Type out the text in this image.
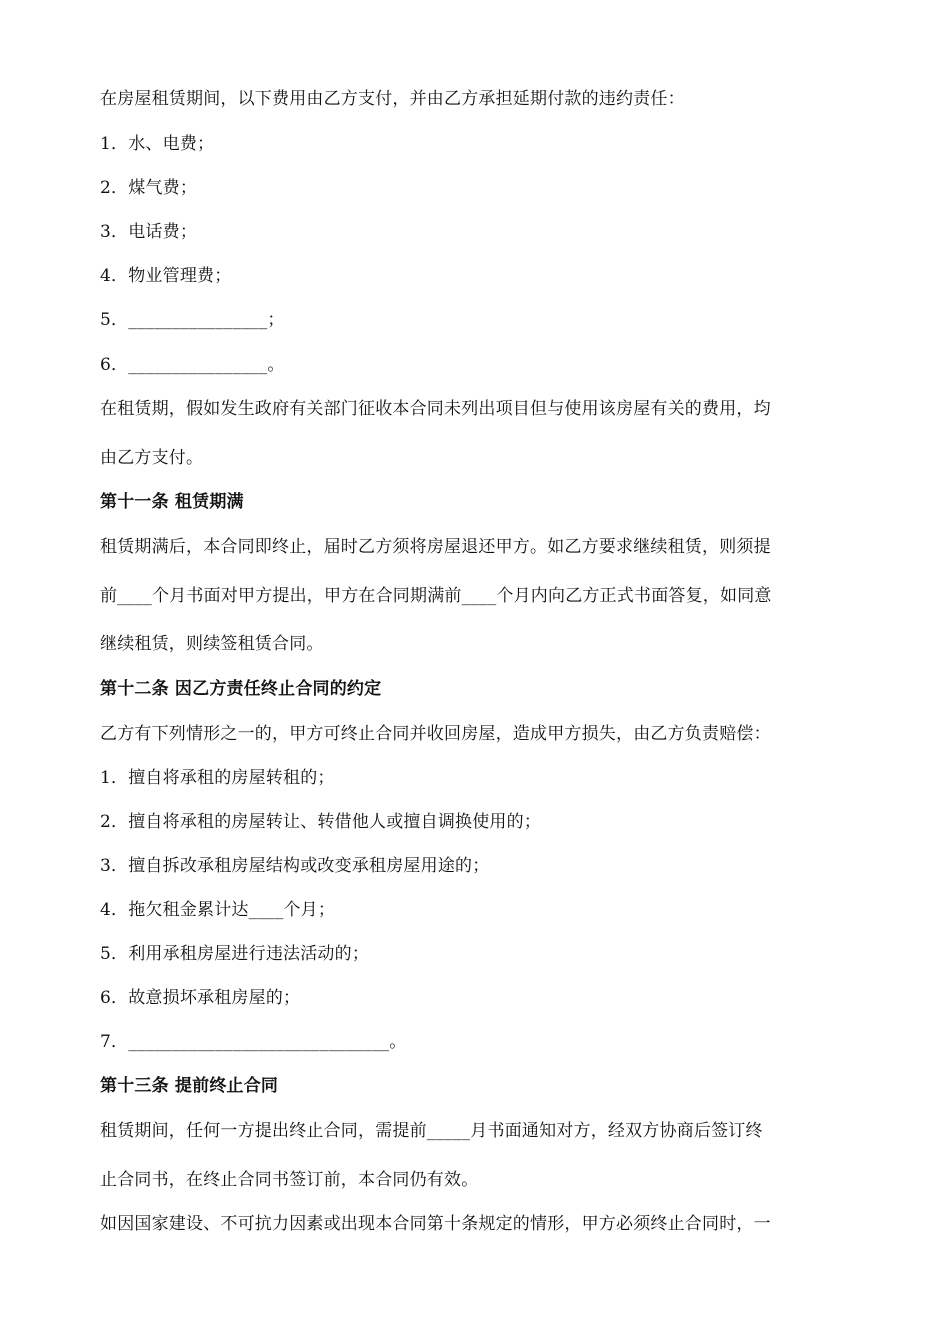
在房屋租赁期间，以下费用由乙方支付，并由乙方承担延期付款的违约责任：
1．水、电费；
2．煤气费；
3．电话费；
4．物业管理费；
5．________________；
6．________________。
在租赁期，假如发生政府有关部门征收本合同未列出项目但与使用该房屋有关的费用，均
由乙方支付。
第十一条 租赁期满
租赁期满后，本合同即终止，届时乙方须将房屋退还甲方。如乙方要求继续租赁，则须提
前____个月书面对甲方提出，甲方在合同期满前____个月内向乙方正式书面答复，如同意
继续租赁，则续签租赁合同。
第十二条 因乙方责任终止合同的约定
乙方有下列情形之一的，甲方可终止合同并收回房屋，造成甲方损失，由乙方负责赔偿：
1．擅自将承租的房屋转租的；
2．擅自将承租的房屋转让、转借他人或擅自调换使用的；
3．擅自拆改承租房屋结构或改变承租房屋用途的；
4．拖欠租金累计达____个月；
5．利用承租房屋进行违法活动的；
6．故意损坏承租房屋的；
7．______________________________。
第十三条 提前终止合同
租赁期间，任何一方提出终止合同，需提前_____月书面通知对方，经双方协商后签订终
止合同书，在终止合同书签订前，本合同仍有效。
如因国家建设、不可抗力因素或出现本合同第十条规定的情形，甲方必须终止合同时，一
